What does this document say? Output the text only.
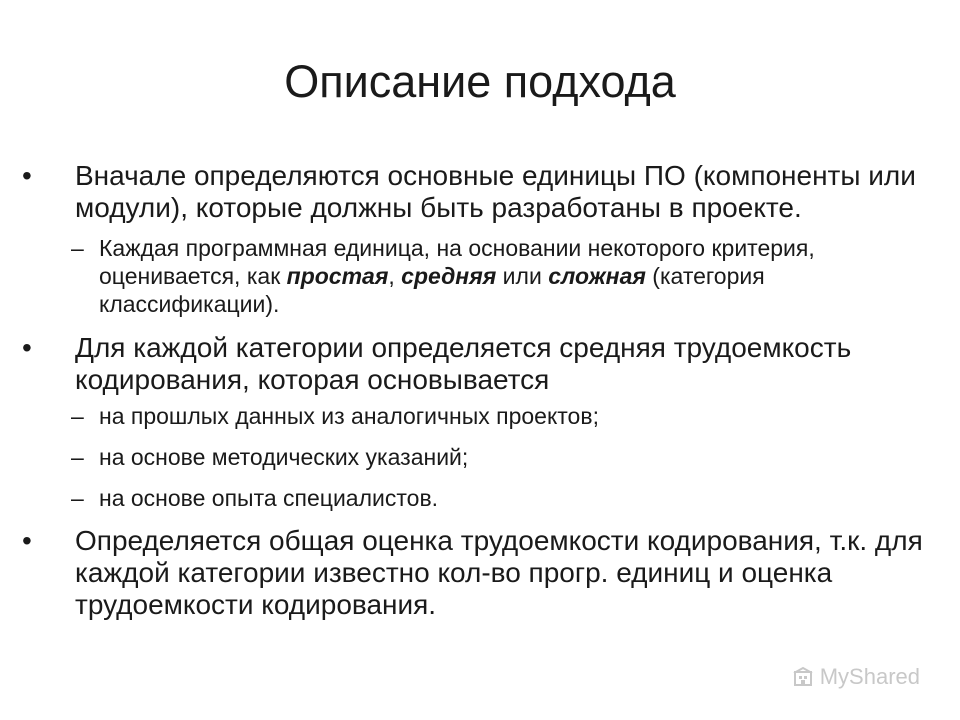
Описание подхода
• Вначале определяются основные единицы ПО (компоненты или модули), которые должны быть разработаны в проекте.
– Каждая программная единица, на основании некоторого критерия, оценивается, как простая, средняя или сложная (категория классификации).
• Для каждой категории определяется средняя трудоемкость кодирования, которая основывается
– на прошлых данных из аналогичных проектов;
– на основе методических указаний;
– на основе опыта специалистов.
• Определяется общая оценка трудоемкости кодирования, т.к. для каждой категории известно кол-во прогр. единиц и оценка трудоемкости кодирования.
MyShared
